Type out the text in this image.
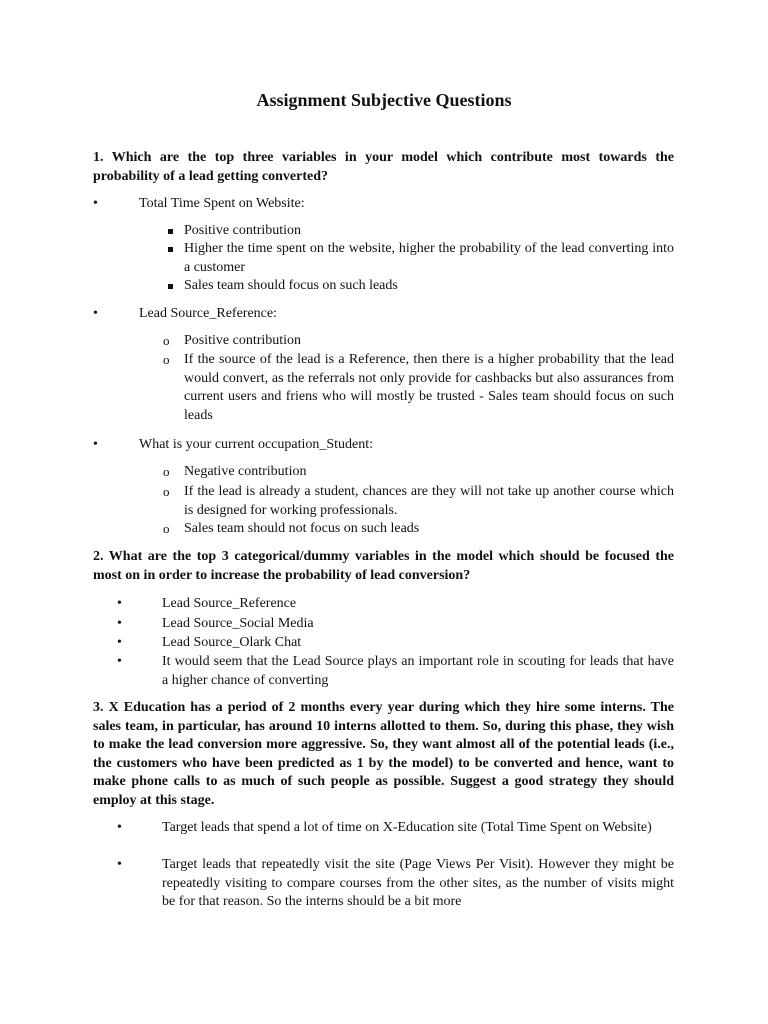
Assignment Subjective Questions

1. Which are the top three variables in your model which contribute most towards the probability of a lead getting converted?

•	Total Time Spent on Website:

Positive contribution

Higher the time spent on the website, higher the probability of the lead converting into a customer

Sales team should focus on such leads

•	Lead Source_Reference:

o Positive contribution

o If the source of the lead is a Reference, then there is a higher probability that the lead would convert, as the referrals not only provide for cashbacks but also assurances from current users and friens who will mostly be trusted - Sales team should focus on such leads

•	What is your current occupation_Student:

o Negative contribution

o If the lead is already a student, chances are they will not take up another course which is designed for working professionals.

o Sales team should not focus on such leads

2. What are the top 3 categorical/dummy variables in the model which should be focused the most on in order to increase the probability of lead conversion?

•	Lead Source_Reference

•	Lead Source_Social Media

•	Lead Source_Olark Chat

•	It would seem that the Lead Source plays an important role in scouting for leads that have a higher chance of converting

3. X Education has a period of 2 months every year during which they hire some interns. The sales team, in particular, has around 10 interns allotted to them. So, during this phase, they wish to make the lead conversion more aggressive. So, they want almost all of the potential leads (i.e., the customers who have been predicted as 1 by the model) to be converted and hence, want to make phone calls to as much of such people as possible. Suggest a good strategy they should employ at this stage.

•	Target leads that spend a lot of time on X-Education site (Total Time Spent on Website)

•	Target leads that repeatedly visit the site (Page Views Per Visit). However they might be repeatedly visiting to compare courses from the other sites, as the number of visits might be for that reason. So the interns should be a bit more
